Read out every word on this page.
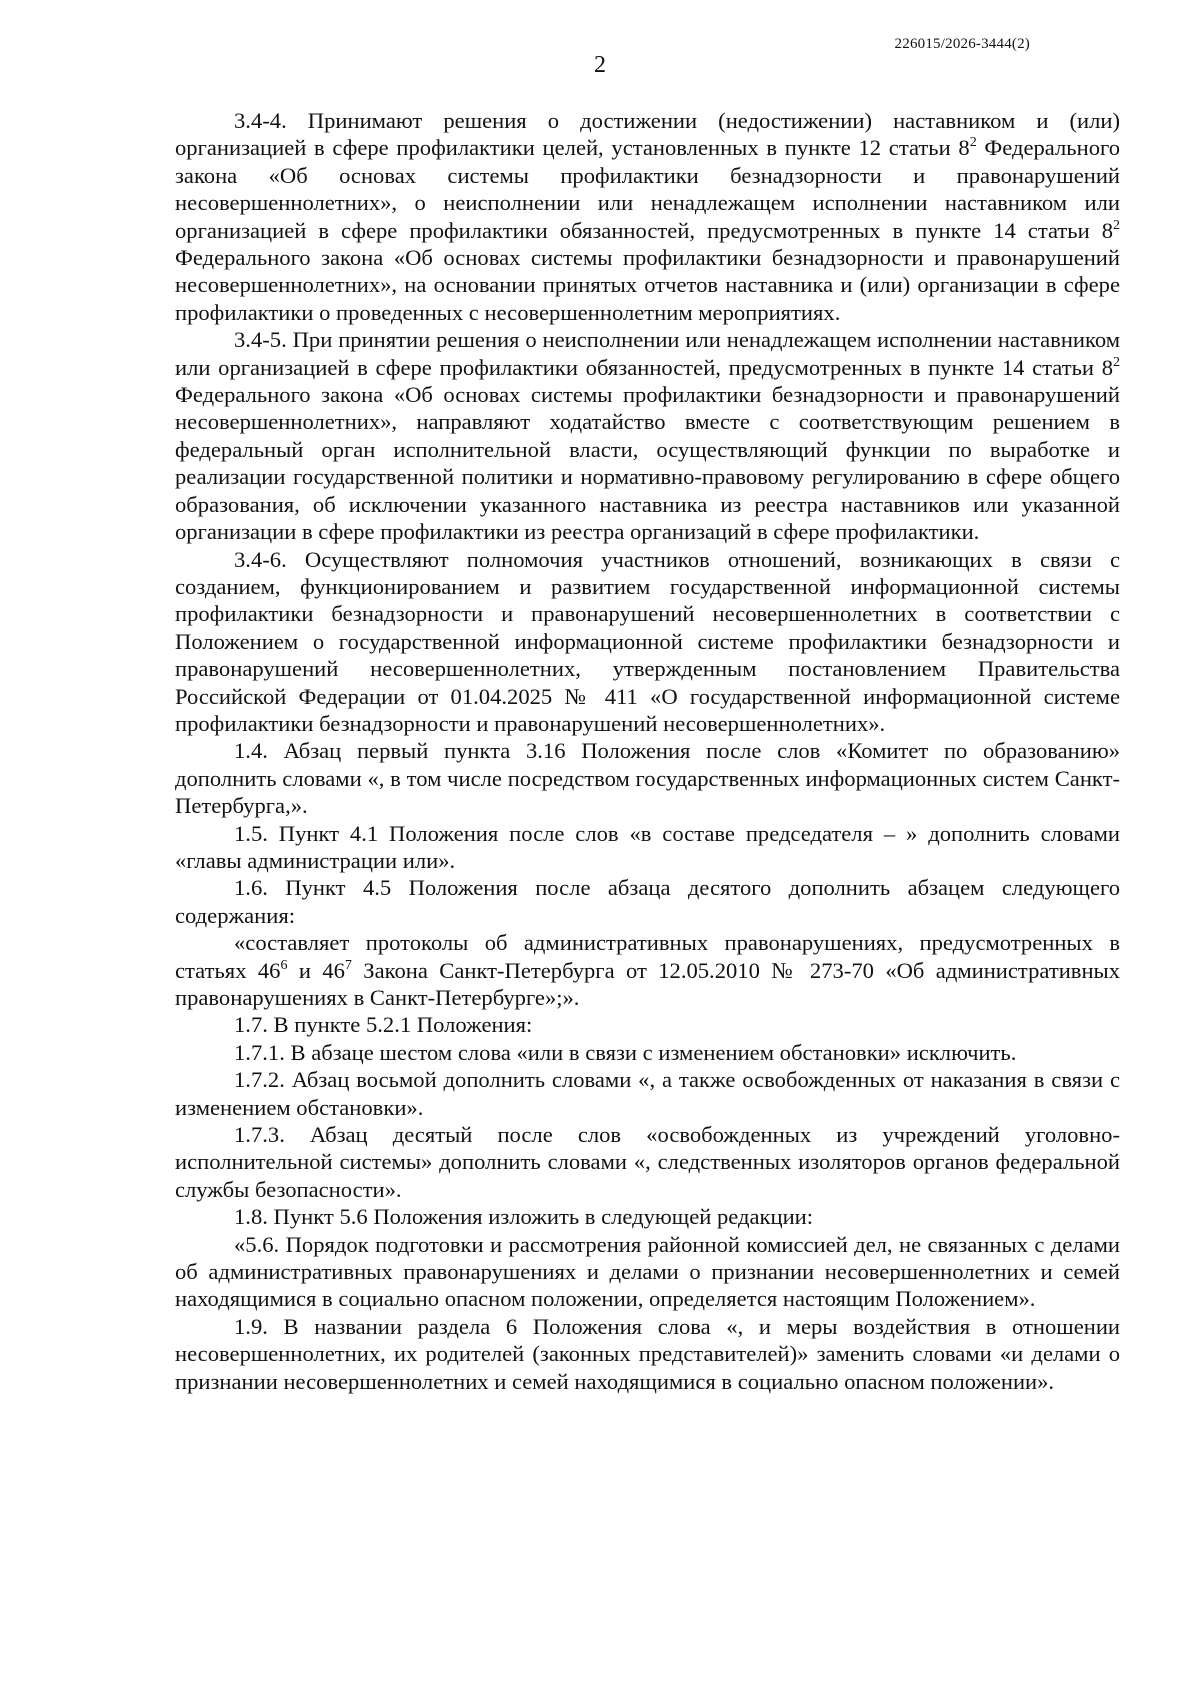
226015/2026-3444(2)
2

3.4-4. Принимают решения о достижении (недостижении) наставником и (или) организацией в сфере профилактики целей, установленных в пункте 12 статьи $8^2$ Федерального закона «Об основах системы профилактики безнадзорности и правонарушений несовершеннолетних», о неисполнении или ненадлежащем исполнении наставником или организацией в сфере профилактики обязанностей, предусмотренных в пункте 14 статьи $8^2$ Федерального закона «Об основах системы профилактики безнадзорности и правонарушений несовершеннолетних», на основании принятых отчетов наставника и (или) организации в сфере профилактики о проведенных с несовершеннолетним мероприятиях.

3.4-5. При принятии решения о неисполнении или ненадлежащем исполнении наставником или организацией в сфере профилактики обязанностей, предусмотренных в пункте 14 статьи $8^2$ Федерального закона «Об основах системы профилактики безнадзорности и правонарушений несовершеннолетних», направляют ходатайство вместе с соответствующим решением в федеральный орган исполнительной власти, осуществляющий функции по выработке и реализации государственной политики и нормативно-правовому регулированию в сфере общего образования, об исключении указанного наставника из реестра наставников или указанной организации в сфере профилактики из реестра организаций в сфере профилактики.

3.4-6. Осуществляют полномочия участников отношений, возникающих в связи с созданием, функционированием и развитием государственной информационной системы профилактики безнадзорности и правонарушений несовершеннолетних в соответствии с Положением о государственной информационной системе профилактики безнадзорности и правонарушений несовершеннолетних, утвержденным постановлением Правительства Российской Федерации от 01.04.2025 № 411 «О государственной информационной системе профилактики безнадзорности и правонарушений несовершеннолетних».

1.4. Абзац первый пункта 3.16 Положения после слов «Комитет по образованию» дополнить словами «, в том числе посредством государственных информационных систем Санкт-Петербурга,».

1.5. Пункт 4.1 Положения после слов «в составе председателя – » дополнить словами «главы администрации или».

1.6. Пункт 4.5 Положения после абзаца десятого дополнить абзацем следующего содержания:

«составляет протоколы об административных правонарушениях, предусмотренных в статьях $46^6$ и $46^7$ Закона Санкт-Петербурга от 12.05.2010 № 273-70 «Об административных правонарушениях в Санкт-Петербурге»;».

1.7. В пункте 5.2.1 Положения:

1.7.1. В абзаце шестом слова «или в связи с изменением обстановки» исключить.

1.7.2. Абзац восьмой дополнить словами «, а также освобожденных от наказания в связи с изменением обстановки».

1.7.3. Абзац десятый после слов «освобожденных из учреждений уголовно-исполнительной системы» дополнить словами «, следственных изоляторов органов федеральной службы безопасности».

1.8. Пункт 5.6 Положения изложить в следующей редакции:

«5.6. Порядок подготовки и рассмотрения районной комиссией дел, не связанных с делами об административных правонарушениях и делами о признании несовершеннолетних и семей находящимися в социально опасном положении, определяется настоящим Положением».

1.9. В названии раздела 6 Положения слова «, и меры воздействия в отношении несовершеннолетних, их родителей (законных представителей)» заменить словами «и делами о признании несовершеннолетних и семей находящимися в социально опасном положении».
